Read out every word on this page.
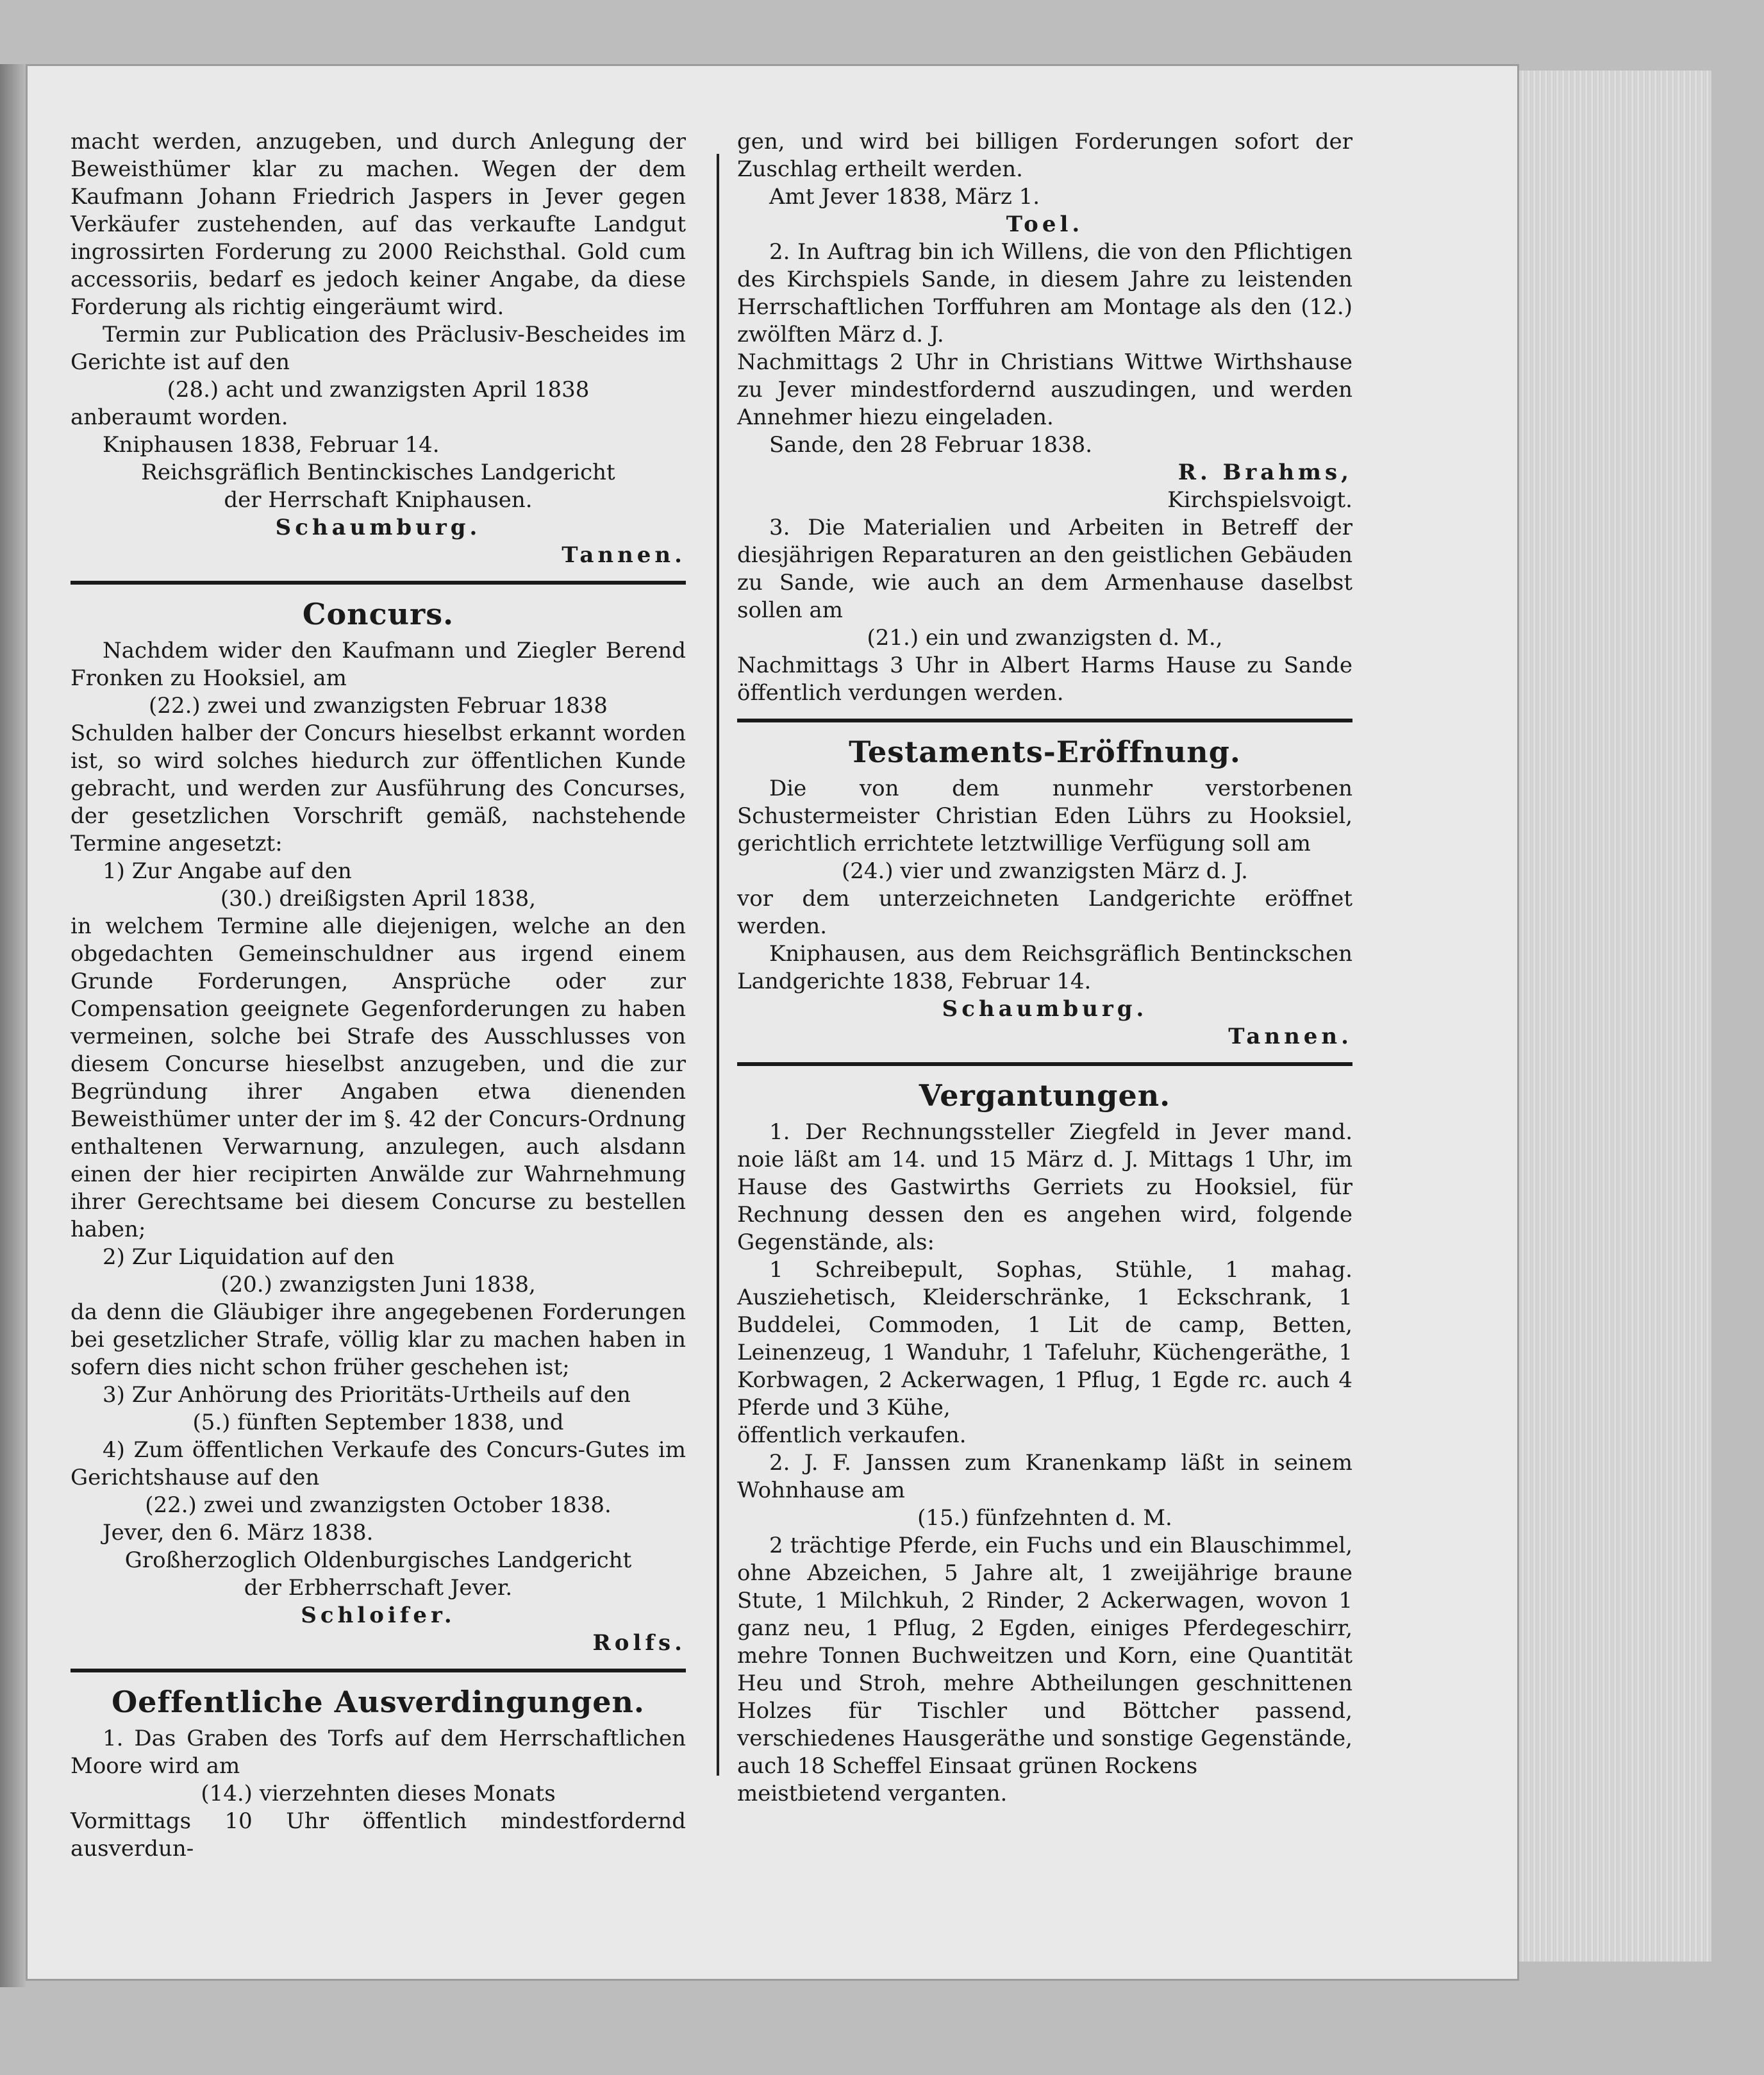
macht werden, anzugeben, und durch Anlegung der Beweisthümer klar zu machen. Wegen der dem Kaufmann Johann Friedrich Jaspers in Jever gegen Verkäufer zustehenden, auf das verkaufte Landgut ingrossirten Forderung zu 2000 Reichsthal. Gold cum accessoriis, bedarf es jedoch keiner Angabe, da diese Forderung als richtig eingeräumt wird.

Termin zur Publication des Präclusiv-Bescheides im Gerichte ist auf den

(28.) acht und zwanzigsten April 1838

anberaumt worden.

Kniphausen 1838, Februar 14.

Reichsgräflich Bentinckisches Landgericht

der Herrschaft Kniphausen.

Schaumburg.

Tannen.

Concurs.

Nachdem wider den Kaufmann und Ziegler Berend Fronken zu Hooksiel, am

(22.) zwei und zwanzigsten Februar 1838

Schulden halber der Concurs hieselbst erkannt worden ist, so wird solches hiedurch zur öffentlichen Kunde gebracht, und werden zur Ausführung des Concurses, der gesetzlichen Vorschrift gemäß, nachstehende Termine angesetzt:

1) Zur Angabe auf den

(30.) dreißigsten April 1838,

in welchem Termine alle diejenigen, welche an den obgedachten Gemeinschuldner aus irgend einem Grunde Forderungen, Ansprüche oder zur Compensation geeignete Gegenforderungen zu haben vermeinen, solche bei Strafe des Ausschlusses von diesem Concurse hieselbst anzugeben, und die zur Begründung ihrer Angaben etwa dienenden Beweisthümer unter der im §. 42 der Concurs-Ordnung enthaltenen Verwarnung, anzulegen, auch alsdann einen der hier recipirten Anwälde zur Wahrnehmung ihrer Gerechtsame bei diesem Concurse zu bestellen haben;

2) Zur Liquidation auf den

(20.) zwanzigsten Juni 1838,

da denn die Gläubiger ihre angegebenen Forderungen bei gesetzlicher Strafe, völlig klar zu machen haben in sofern dies nicht schon früher geschehen ist;

3) Zur Anhörung des Prioritäts-Urtheils auf den

(5.) fünften September 1838, und

4) Zum öffentlichen Verkaufe des Concurs-Gutes im Gerichtshause auf den

(22.) zwei und zwanzigsten October 1838.

Jever, den 6. März 1838.

Großherzoglich Oldenburgisches Landgericht

der Erbherrschaft Jever.

Schloifer.

Rolfs.

Oeffentliche Ausverdingungen.

1. Das Graben des Torfs auf dem Herrschaftlichen Moore wird am

(14.) vierzehnten dieses Monats

Vormittags 10 Uhr öffentlich mindestfordernd ausverdun-

gen, und wird bei billigen Forderungen sofort der Zuschlag ertheilt werden.

Amt Jever 1838, März 1.

Toel.

2. In Auftrag bin ich Willens, die von den Pflichtigen des Kirchspiels Sande, in diesem Jahre zu leistenden Herrschaftlichen Torffuhren am Montage als den (12.) zwölften März d. J.

Nachmittags 2 Uhr in Christians Wittwe Wirthshause zu Jever mindestfordernd auszudingen, und werden Annehmer hiezu eingeladen.

Sande, den 28 Februar 1838.

R. Brahms,

Kirchspielsvoigt.

3. Die Materialien und Arbeiten in Betreff der diesjährigen Reparaturen an den geistlichen Gebäuden zu Sande, wie auch an dem Armenhause daselbst sollen am

(21.) ein und zwanzigsten d. M.,

Nachmittags 3 Uhr in Albert Harms Hause zu Sande öffentlich verdungen werden.

Testaments-Eröffnung.

Die von dem nunmehr verstorbenen Schustermeister Christian Eden Lührs zu Hooksiel, gerichtlich errichtete letztwillige Verfügung soll am

(24.) vier und zwanzigsten März d. J.

vor dem unterzeichneten Landgerichte eröffnet werden.

Kniphausen, aus dem Reichsgräflich Bentinckschen Landgerichte 1838, Februar 14.

Schaumburg.

Tannen.

Vergantungen.

1. Der Rechnungssteller Ziegfeld in Jever mand. noie läßt am 14. und 15 März d. J. Mittags 1 Uhr, im Hause des Gastwirths Gerriets zu Hooksiel, für Rechnung dessen den es angehen wird, folgende Gegenstände, als:

1 Schreibepult, Sophas, Stühle, 1 mahag. Ausziehetisch, Kleiderschränke, 1 Eckschrank, 1 Buddelei, Commoden, 1 Lit de camp, Betten, Leinenzeug, 1 Wanduhr, 1 Tafeluhr, Küchengeräthe, 1 Korbwagen, 2 Ackerwagen, 1 Pflug, 1 Egde rc. auch 4 Pferde und 3 Kühe,

öffentlich verkaufen.

2. J. F. Janssen zum Kranenkamp läßt in seinem Wohnhause am

(15.) fünfzehnten d. M.

2 trächtige Pferde, ein Fuchs und ein Blauschimmel, ohne Abzeichen, 5 Jahre alt, 1 zweijährige braune Stute, 1 Milchkuh, 2 Rinder, 2 Ackerwagen, wovon 1 ganz neu, 1 Pflug, 2 Egden, einiges Pferdegeschirr, mehre Tonnen Buchweitzen und Korn, eine Quantität Heu und Stroh, mehre Abtheilungen geschnittenen Holzes für Tischler und Böttcher passend, verschiedenes Hausgeräthe und sonstige Gegenstände, auch 18 Scheffel Einsaat grünen Rockens

meistbietend verganten.
